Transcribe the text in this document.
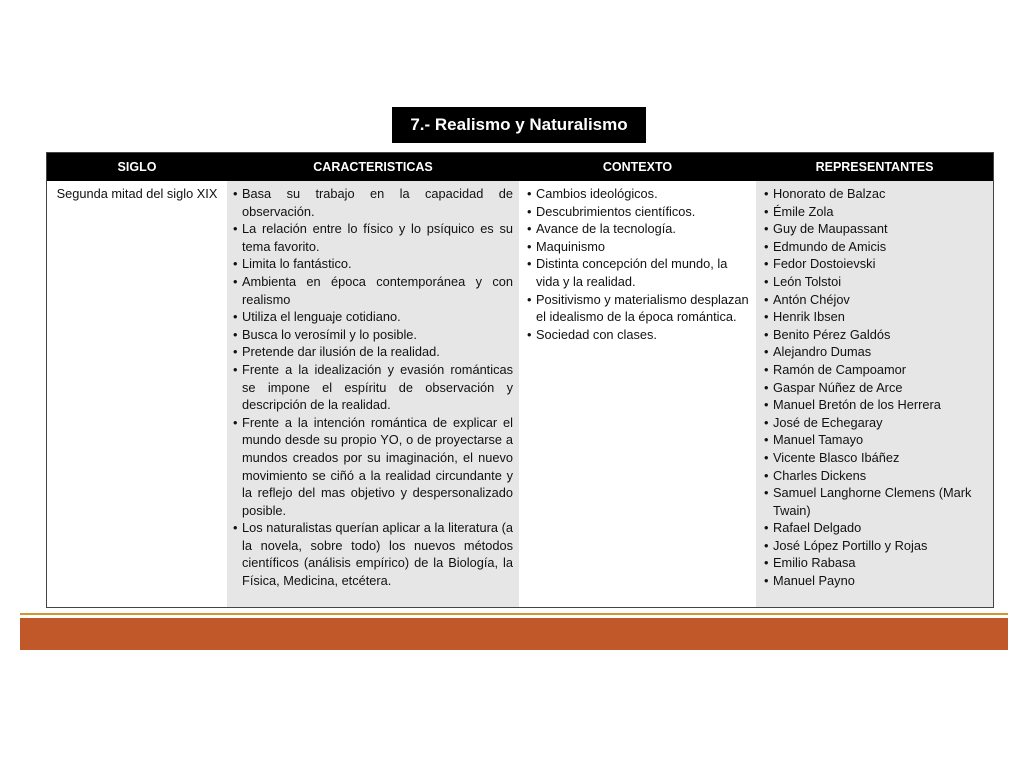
7.- Realismo y Naturalismo
SIGLO	CARACTERISTICAS	CONTEXTO	REPRESENTANTES
Segunda mitad del siglo XIX
•	Basa su trabajo en la capacidad de observación.
• La relación entre lo físico y lo psíquico es su tema favorito.
• Limita lo fantástico.
• Ambienta en época contemporánea y con realismo
• Utiliza el lenguaje cotidiano.
• Busca lo verosímil y lo posible.
• Pretende dar ilusión de la realidad.
• Frente a la idealización y evasión románticas se impone el espíritu de observación y descripción de la realidad.
• Frente a la intención romántica de explicar el mundo desde su propio YO, o de proyectarse a mundos creados por su imaginación, el nuevo movimiento se ciñó a la realidad circundante y la reflejo del mas objetivo y despersonalizado posible.
• Los naturalistas querían aplicar a la literatura (a la novela, sobre todo) los nuevos métodos científicos (análisis empírico) de la Biología, la Física, Medicina, etcétera.
• Cambios ideológicos.
• Descubrimientos científicos.
• Avance de la tecnología.
• Maquinismo
• Distinta concepción del mundo, la vida y la realidad.
• Positivismo y materialismo desplazan el idealismo de la época romántica.
• Sociedad con clases.
• Honorato de Balzac
• Émile Zola
• Guy de Maupassant
• Edmundo de Amicis
• Fedor Dostoievski
• León Tolstoi
• Antón Chéjov
• Henrik Ibsen
• Benito Pérez Galdós
• Alejandro Dumas
• Ramón de Campoamor
• Gaspar Núñez de Arce
• Manuel Bretón de los Herrera
• José de Echegaray
• Manuel Tamayo
• Vicente Blasco Ibáñez
• Charles Dickens
• Samuel Langhorne Clemens (Mark Twain)
• Rafael Delgado
• José López Portillo y Rojas
• Emilio Rabasa
• Manuel Payno
